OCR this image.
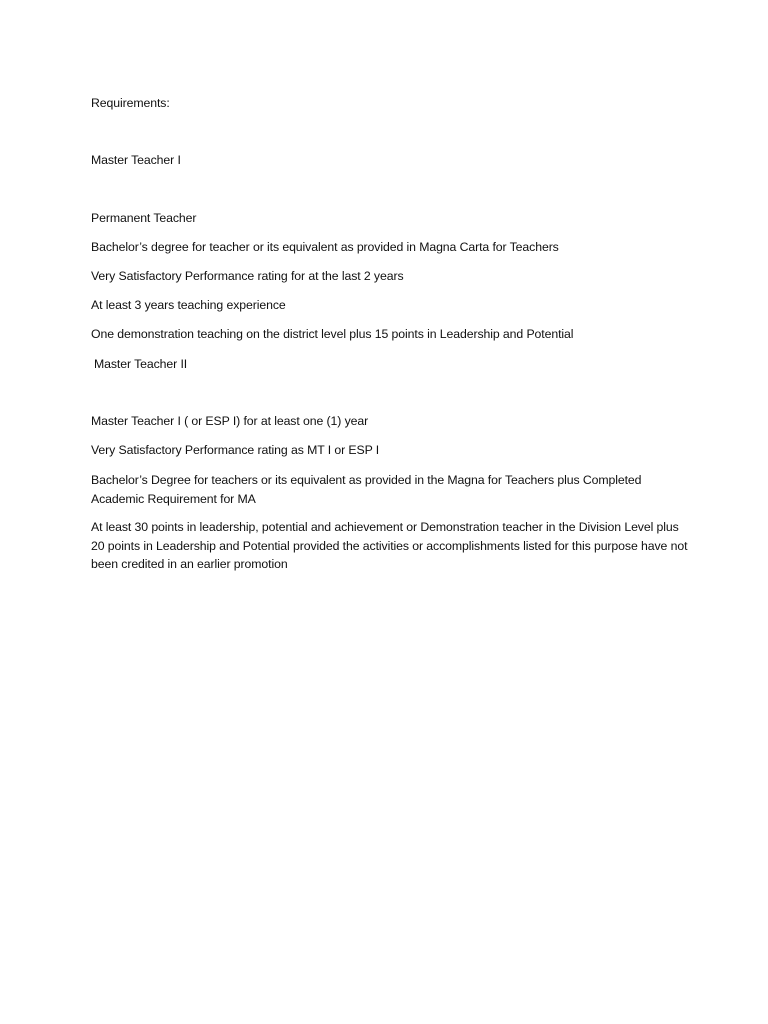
Requirements:
Master Teacher I
Permanent Teacher
Bachelor’s degree for teacher or its equivalent as provided in Magna Carta for Teachers
Very Satisfactory Performance rating for at the last 2 years
At least 3 years teaching experience
One demonstration teaching on the district level plus 15 points in Leadership and Potential
Master Teacher II
Master Teacher I ( or ESP I) for at least one (1) year
Very Satisfactory Performance rating as MT I or ESP I
Bachelor’s Degree for teachers or its equivalent as provided in the Magna for Teachers plus Completed Academic Requirement for MA
At least 30 points in leadership, potential and achievement or Demonstration teacher in the Division Level plus 20 points in Leadership and Potential provided the activities or accomplishments listed for this purpose have not been credited in an earlier promotion
